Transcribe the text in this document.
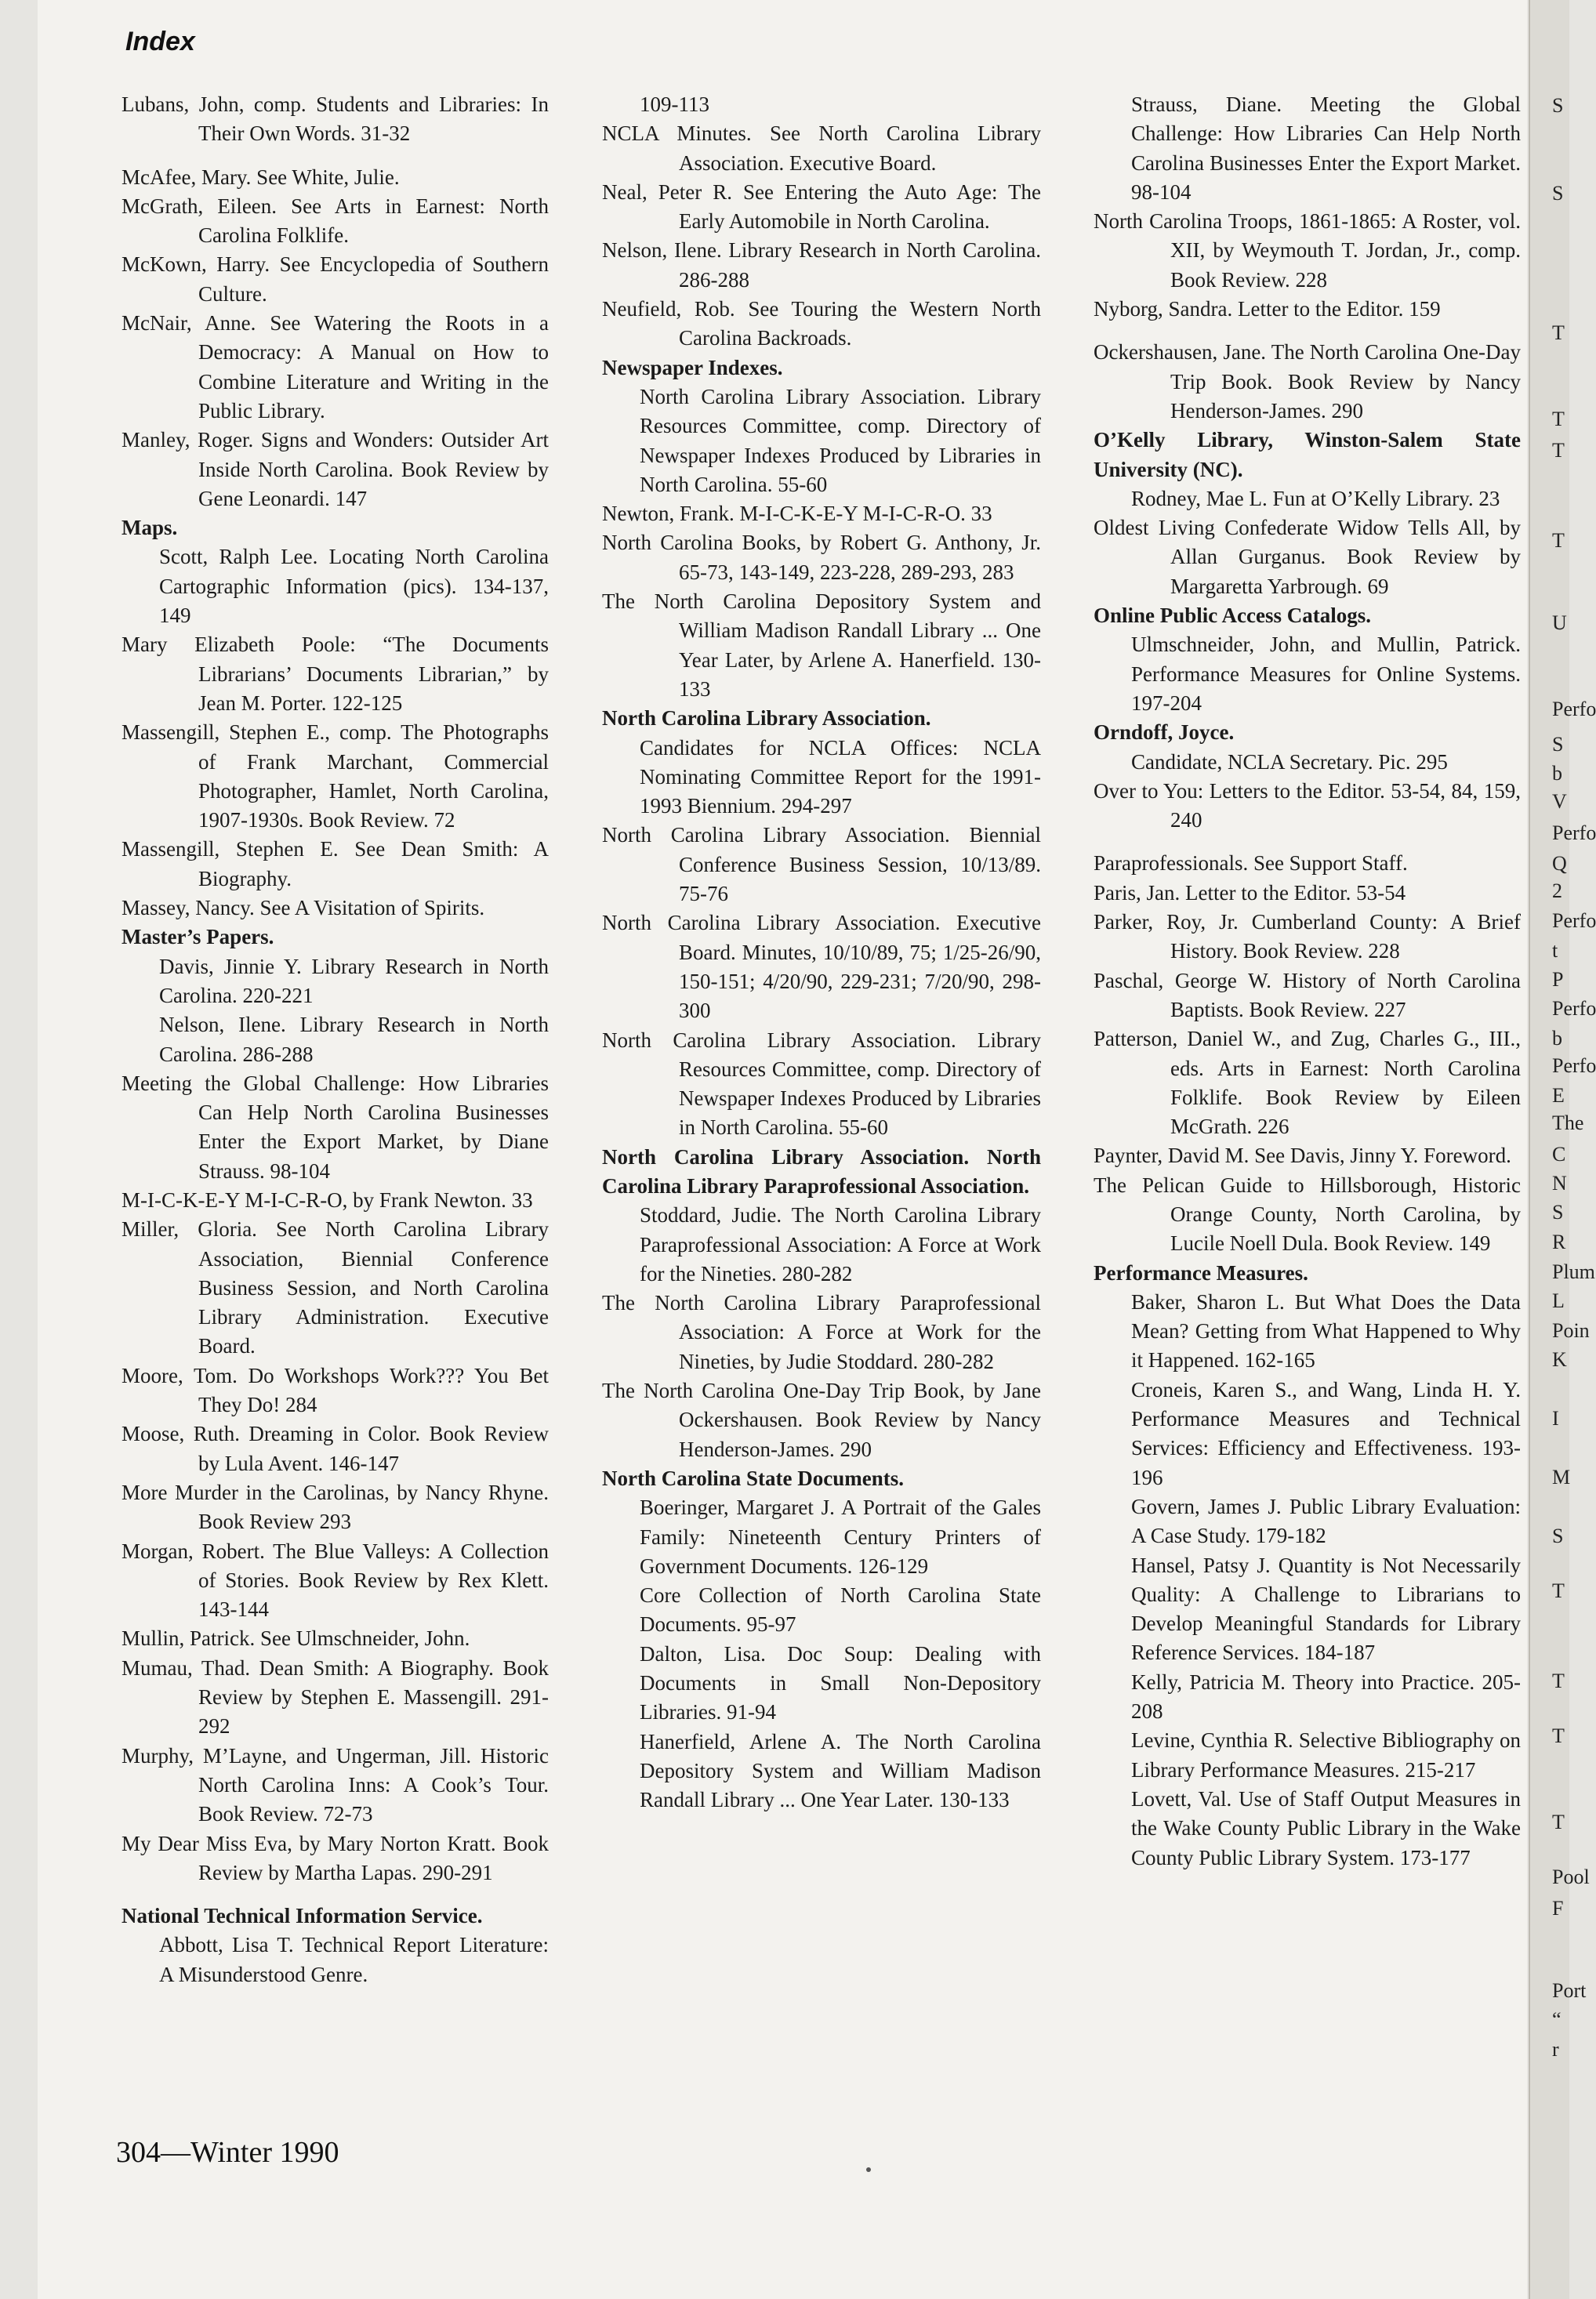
Index

Lubans, John, comp. Students and Libraries: In Their Own Words. 31-32

McAfee, Mary. See White, Julie.

McGrath, Eileen. See Arts in Earnest: North Carolina Folklife.

McKown, Harry. See Encyclopedia of Southern Culture.

McNair, Anne. See Watering the Roots in a Democracy: A Manual on How to Combine Literature and Writing in the Public Library.

Manley, Roger. Signs and Wonders: Outsider Art Inside North Carolina. Book Review by Gene Leonardi. 147

Maps.

Scott, Ralph Lee. Locating North Carolina Cartographic Information (pics). 134-137, 149

Mary Elizabeth Poole: “The Documents Librarians’ Documents Librarian,” by Jean M. Porter. 122-125

Massengill, Stephen E., comp. The Photographs of Frank Marchant, Commercial Photographer, Hamlet, North Carolina, 1907-1930s. Book Review. 72

Massengill, Stephen E. See Dean Smith: A Biography.

Massey, Nancy. See A Visitation of Spirits.

Master’s Papers.

Davis, Jinnie Y. Library Research in North Carolina. 220-221

Nelson, Ilene. Library Research in North Carolina. 286-288

Meeting the Global Challenge: How Libraries Can Help North Carolina Businesses Enter the Export Market, by Diane Strauss. 98-104

M-I-C-K-E-Y M-I-C-R-O, by Frank Newton. 33

Miller, Gloria. See North Carolina Library Association, Biennial Conference Business Session, and North Carolina Library Administration. Executive Board.

Moore, Tom. Do Workshops Work??? You Bet They Do! 284

Moose, Ruth. Dreaming in Color. Book Review by Lula Avent. 146-147

More Murder in the Carolinas, by Nancy Rhyne. Book Review 293

Morgan, Robert. The Blue Valleys: A Collection of Stories. Book Review by Rex Klett. 143-144

Mullin, Patrick. See Ulmschneider, John.

Mumau, Thad. Dean Smith: A Biography. Book Review by Stephen E. Massengill. 291-292

Murphy, M’Layne, and Ungerman, Jill. Historic North Carolina Inns: A Cook’s Tour. Book Review. 72-73

My Dear Miss Eva, by Mary Norton Kratt. Book Review by Martha Lapas. 290-291

National Technical Information Service.

Abbott, Lisa T. Technical Report Literature: A Misunderstood Genre.

109-113

NCLA Minutes. See North Carolina Library Association. Executive Board.

Neal, Peter R. See Entering the Auto Age: The Early Automobile in North Carolina.

Nelson, Ilene. Library Research in North Carolina. 286-288

Neufield, Rob. See Touring the Western North Carolina Backroads.

Newspaper Indexes.

North Carolina Library Association. Library Resources Committee, comp. Directory of Newspaper Indexes Produced by Libraries in North Carolina. 55-60

Newton, Frank. M-I-C-K-E-Y M-I-C-R-O. 33

North Carolina Books, by Robert G. Anthony, Jr. 65-73, 143-149, 223-228, 289-293, 283

The North Carolina Depository System and William Madison Randall Library ... One Year Later, by Arlene A. Hanerfield. 130-133

North Carolina Library Association.

Candidates for NCLA Offices: NCLA Nominating Committee Report for the 1991-1993 Biennium. 294-297

North Carolina Library Association. Biennial Conference Business Session, 10/13/89. 75-76

North Carolina Library Association. Executive Board. Minutes, 10/10/89, 75; 1/25-26/90, 150-151; 4/20/90, 229-231; 7/20/90, 298-300

North Carolina Library Association. Library Resources Committee, comp. Directory of Newspaper Indexes Produced by Libraries in North Carolina. 55-60

North Carolina Library Association. North Carolina Library Paraprofessional Association.

Stoddard, Judie. The North Carolina Library Paraprofessional Association: A Force at Work for the Nineties. 280-282

The North Carolina Library Paraprofessional Association: A Force at Work for the Nineties, by Judie Stoddard. 280-282

The North Carolina One-Day Trip Book, by Jane Ockershausen. Book Review by Nancy Henderson-James. 290

North Carolina State Documents.

Boeringer, Margaret J. A Portrait of the Gales Family: Nineteenth Century Printers of Government Documents. 126-129

Core Collection of North Carolina State Documents. 95-97

Dalton, Lisa. Doc Soup: Dealing with Documents in Small Non-Depository Libraries. 91-94

Hanerfield, Arlene A. The North Carolina Depository System and William Madison Randall Library ... One Year Later. 130-133

Strauss, Diane. Meeting the Global Challenge: How Libraries Can Help North Carolina Businesses Enter the Export Market. 98-104

North Carolina Troops, 1861-1865: A Roster, vol. XII, by Weymouth T. Jordan, Jr., comp. Book Review. 228

Nyborg, Sandra. Letter to the Editor. 159

Ockershausen, Jane. The North Carolina One-Day Trip Book. Book Review by Nancy Henderson-James. 290

O’Kelly Library, Winston-Salem State University (NC).

Rodney, Mae L. Fun at O’Kelly Library. 23

Oldest Living Confederate Widow Tells All, by Allan Gurganus. Book Review by Margaretta Yarbrough. 69

Online Public Access Catalogs.

Ulmschneider, John, and Mullin, Patrick. Performance Measures for Online Systems. 197-204

Orndoff, Joyce.

Candidate, NCLA Secretary. Pic. 295

Over to You: Letters to the Editor. 53-54, 84, 159, 240

Paraprofessionals. See Support Staff.

Paris, Jan. Letter to the Editor. 53-54

Parker, Roy, Jr. Cumberland County: A Brief History. Book Review. 228

Paschal, George W. History of North Carolina Baptists. Book Review. 227

Patterson, Daniel W., and Zug, Charles G., III., eds. Arts in Earnest: North Carolina Folklife. Book Review by Eileen McGrath. 226

Paynter, David M. See Davis, Jinny Y. Foreword.

The Pelican Guide to Hillsborough, Historic Orange County, North Carolina, by Lucile Noell Dula. Book Review. 149

Performance Measures.

Baker, Sharon L. But What Does the Data Mean? Getting from What Happened to Why it Happened. 162-165

Croneis, Karen S., and Wang, Linda H. Y. Performance Measures and Technical Services: Efficiency and Effectiveness. 193-196

Govern, James J. Public Library Evaluation: A Case Study. 179-182

Hansel, Patsy J. Quantity is Not Necessarily Quality: A Challenge to Librarians to Develop Meaningful Standards for Library Reference Services. 184-187

Kelly, Patricia M. Theory into Practice. 205-208

Levine, Cynthia R. Selective Bibliography on Library Performance Measures. 215-217

Lovett, Val. Use of Staff Output Measures in the Wake County Public Library in the Wake County Public Library System. 173-177

304—Winter 1990
S
S
T
T
T
T
U
Perfo
S
b
V
Perfo
Q
2
Perfo
t
P
Perfo
b
Perfo
E
The
C
N
S
R
Plum
L
Poin
K
I
M
S
T
T
T
T
Pool
F
Port
“
r
